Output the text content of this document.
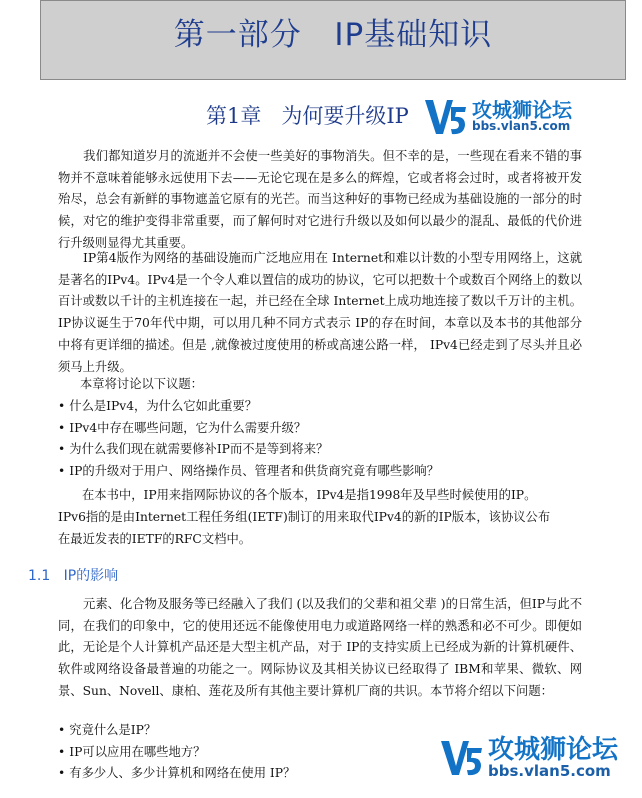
第一部分   IP基础知识
第1章   为何要升级IP	攻城狮论坛
bbs.vlan5.com

我们都知道岁月的流逝并不会使一些美好的事物消失。但不幸的是，一些现在看来不错的事物并不意味着能够永远使用下去——无论它现在是多么的辉煌，它或者将会过时，或者将被开发殆尽，总会有新鲜的事物遮盖它原有的光芒。而当这种好的事物已经成为基础设施的一部分的时候，对它的维护变得非常重要，而了解何时对它进行升级以及如何以最少的混乱、最低的代价进行升级则显得尤其重要。

IP第4版作为网络的基础设施而广泛地应用在 Internet和难以计数的小型专用网络上，这就是著名的IPv4。IPv4是一个令人难以置信的成功的协议，它可以把数十个或数百个网络上的数以百计或数以千计的主机连接在一起，并已经在全球 Internet上成功地连接了数以千万计的主机。IP协议诞生于70年代中期，可以用几种不同方式表示 IP的存在时间，本章以及本书的其他部分中将有更详细的描述。但是 ,就像被过度使用的桥或高速公路一样， IPv4已经走到了尽头并且必须马上升级。

本章将讨论以下议题：

• 什么是IPv4，为什么它如此重要？
• IPv4中存在哪些问题，它为什么需要升级？
• 为什么我们现在就需要修补IP而不是等到将来？
• IP的升级对于用户、网络操作员、管理者和供货商究竟有哪些影响？

在本书中，IP用来指网际协议的各个版本，IPv4是指1998年及早些时候使用的IP。

IPv6指的是由Internet工程任务组(IETF)制订的用来取代IPv4的新的IP版本，该协议公布

在最近发表的IETF的RFC文档中。

1.1   IP的影响

元素、化合物及服务等已经融入了我们 (以及我们的父辈和祖父辈 )的日常生活，但IP与此不同，在我们的印象中，它的使用还远不能像使用电力或道路网络一样的熟悉和必不可少。即便如此，无论是个人计算机产品还是大型主机产品，对于 IP的支持实质上已经成为新的计算机硬件、软件或网络设备最普遍的功能之一。网际协议及其相关协议已经取得了 IBM和苹果、微软、网景、Sun、Novell、康柏、莲花及所有其他主要计算机厂商的共识。本节将介绍以下问题：

• 究竟什么是IP？
• IP可以应用在哪些地方？
• 有多少人、多少计算机和网络在使用 IP？
攻城狮论坛
bbs.vlan5.com
